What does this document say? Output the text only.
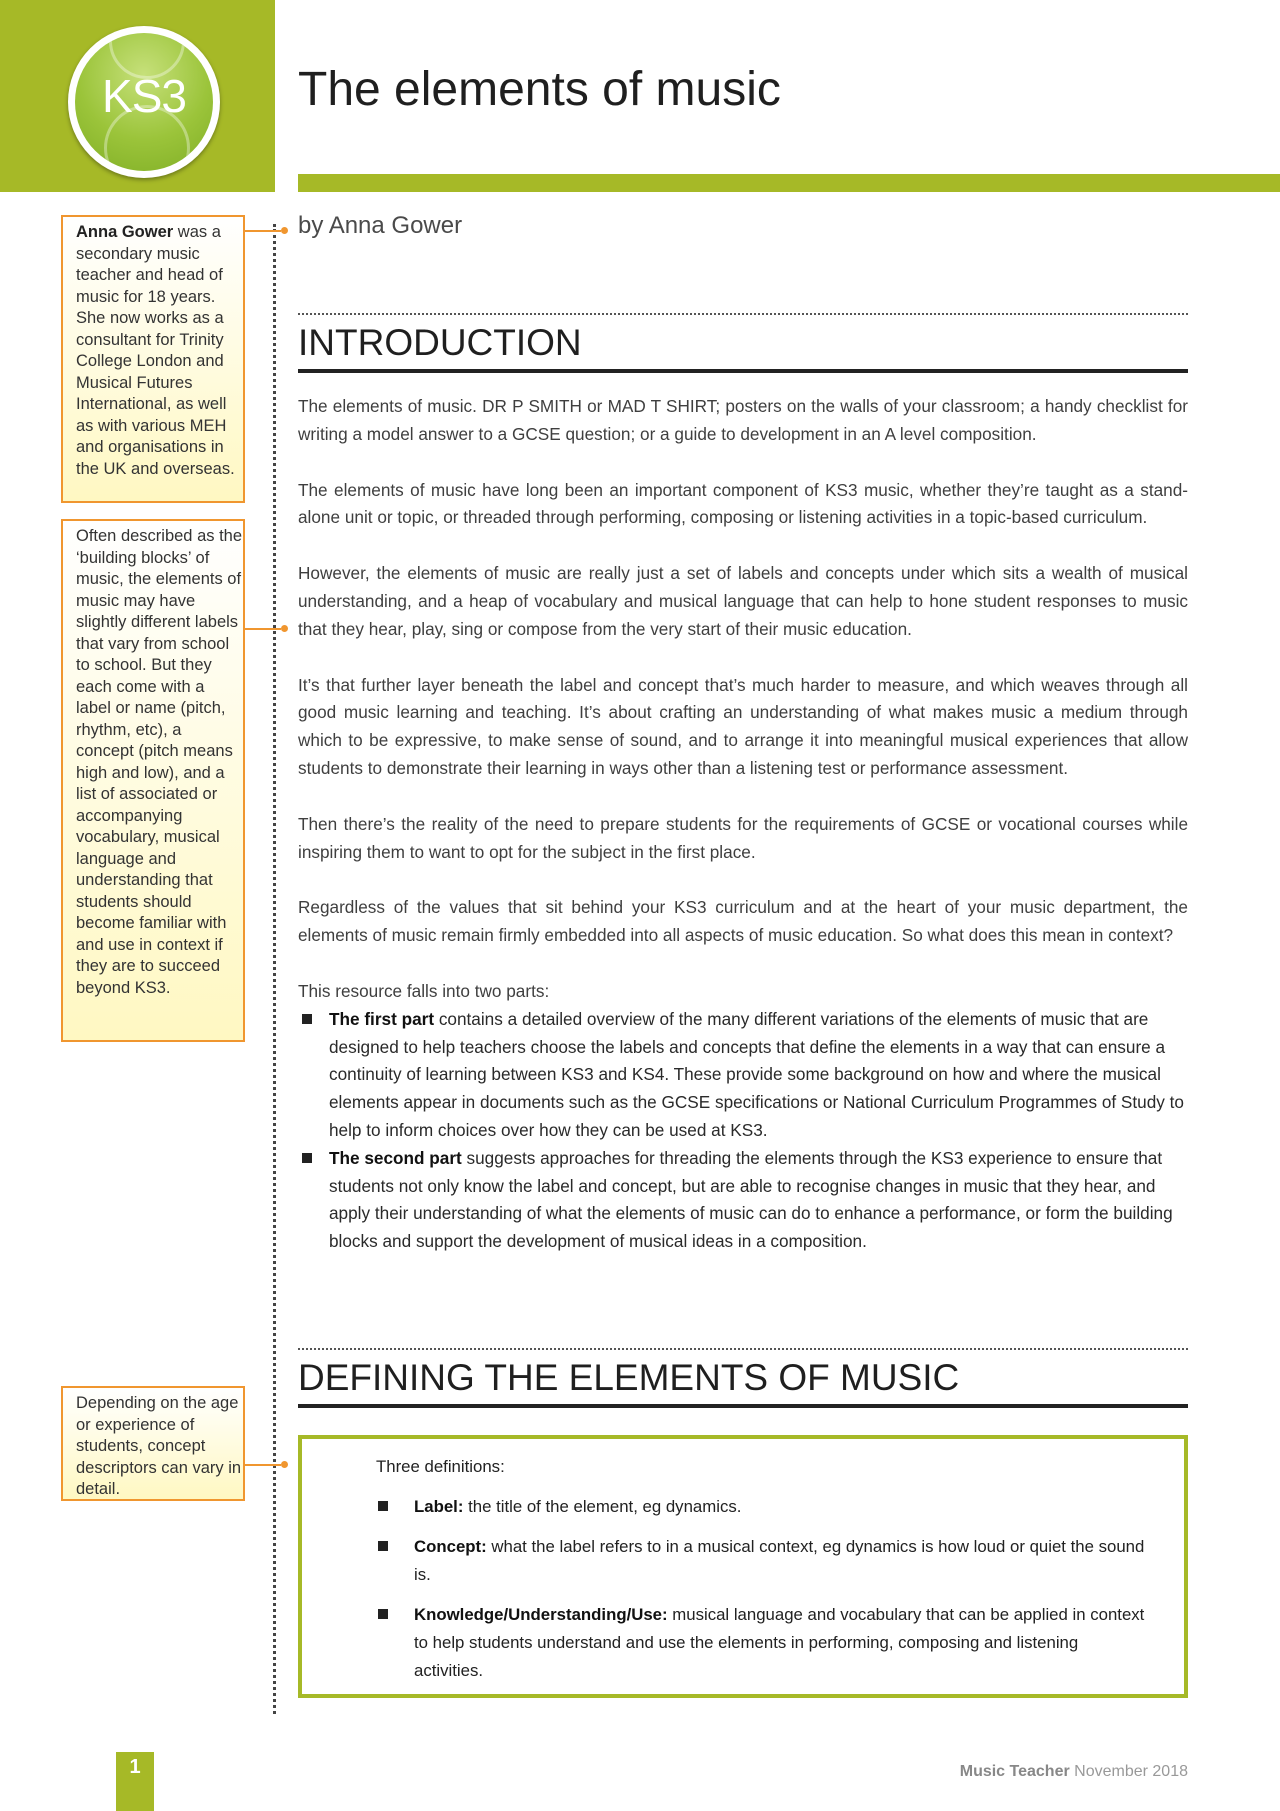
KS3	The elements of music
by Anna Gower
Anna Gower was a secondary music teacher and head of music for 18 years. She now works as a consultant for Trinity College London and Musical Futures International, as well as with various MEH and organisations in the UK and overseas.
Often described as the ‘building blocks’ of music, the elements of music may have slightly different labels that vary from school to school. But they each come with a label or name (pitch, rhythm, etc), a concept (pitch means high and low), and a list of associated or accompanying vocabulary, musical language and understanding that students should become familiar with and use in context if they are to succeed beyond KS3.
Depending on the age or experience of students, concept descriptors can vary in detail.
INTRODUCTION

The elements of music. DR P SMITH or MAD T SHIRT; posters on the walls of your classroom; a handy checklist for writing a model answer to a GCSE question; or a guide to development in an A level composition.

The elements of music have long been an important component of KS3 music, whether they’re taught as a stand-alone unit or topic, or threaded through performing, composing or listening activities in a topic-based curriculum.

However, the elements of music are really just a set of labels and concepts under which sits a wealth of musical understanding, and a heap of vocabulary and musical language that can help to hone student responses to music that they hear, play, sing or compose from the very start of their music education.

It’s that further layer beneath the label and concept that’s much harder to measure, and which weaves through all good music learning and teaching. It’s about crafting an understanding of what makes music a medium through which to be expressive, to make sense of sound, and to arrange it into meaningful musical experiences that allow students to demonstrate their learning in ways other than a listening test or performance assessment.

Then there’s the reality of the need to prepare students for the requirements of GCSE or vocational courses while inspiring them to want to opt for the subject in the first place.

Regardless of the values that sit behind your KS3 curriculum and at the heart of your music department, the elements of music remain firmly embedded into all aspects of music education. So what does this mean in context?

This resource falls into two parts:

The first part contains a detailed overview of the many different variations of the elements of music that are designed to help teachers choose the labels and concepts that define the elements in a way that can ensure a continuity of learning between KS3 and KS4. These provide some background on how and where the musical elements appear in documents such as the GCSE specifications or National Curriculum Programmes of Study to help to inform choices over how they can be used at KS3.
The second part suggests approaches for threading the elements through the KS3 experience to ensure that students not only know the label and concept, but are able to recognise changes in music that they hear, and apply their understanding of what the elements of music can do to enhance a performance, or form the building blocks and support the development of musical ideas in a composition.
DEFINING THE ELEMENTS OF MUSIC

Three definitions:

Label: the title of the element, eg dynamics.
Concept: what the label refers to in a musical context, eg dynamics is how loud or quiet the sound is.
Knowledge/Understanding/Use: musical language and vocabulary that can be applied in context to help students understand and use the elements in performing, composing and listening activities.
1	Music Teacher November 2018
